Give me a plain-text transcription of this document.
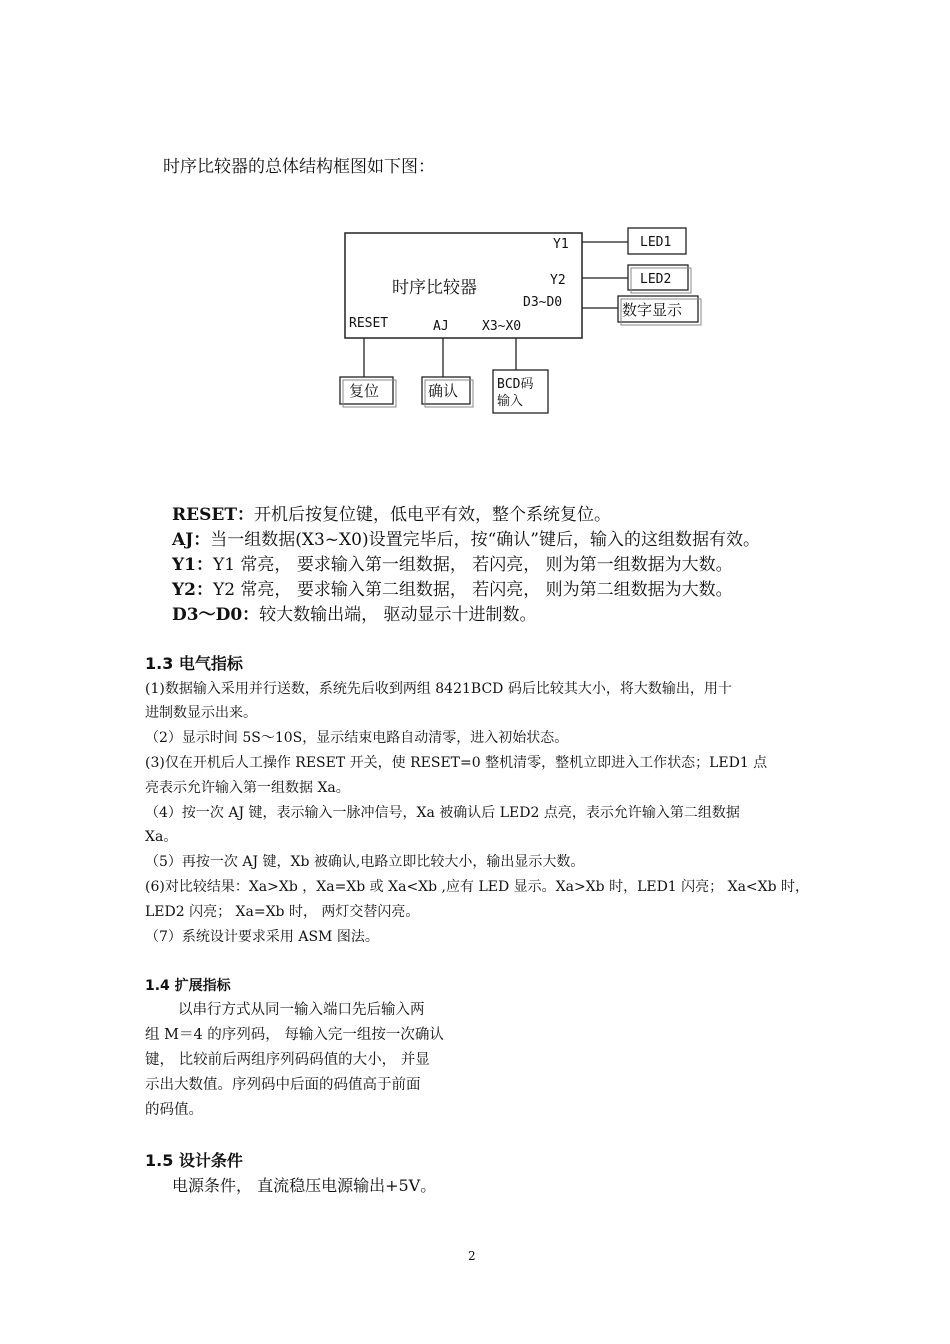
时序比较器的总体结构框图如下图：
时序比较器
Y1
Y2
D3~D0
RESET	AJ	X3~X0
LED1
LED2
数字显示
复位	确认	BCD码
输入
RESET：开机后按复位键，低电平有效，整个系统复位。
AJ：当一组数据(X3~X0)设置完毕后，按“确认”键后，输入的这组数据有效。
Y1：Y1 常亮， 要求输入第一组数据， 若闪亮， 则为第一组数据为大数。
Y2：Y2 常亮， 要求输入第二组数据， 若闪亮， 则为第二组数据为大数。
D3～D0：较大数输出端， 驱动显示十进制数。
1.3 电气指标
(1)数据输入采用并行送数，系统先后收到两组 8421BCD 码后比较其大小，将大数输出，用十
进制数显示出来。
（2）显示时间 5S～10S，显示结束电路自动清零，进入初始状态。
(3)仅在开机后人工操作 RESET 开关，使 RESET=0 整机清零，整机立即进入工作状态；LED1 点
亮表示允许输入第一组数据 Xa。
（4）按一次 AJ 键，表示输入一脉冲信号，Xa 被确认后 LED2 点亮，表示允许输入第二组数据
Xa。
（5）再按一次 AJ 键，Xb 被确认,电路立即比较大小，输出显示大数。
(6)对比较结果：Xa>Xb ，Xa=Xb 或 Xa<Xb ,应有 LED 显示。Xa>Xb 时，LED1 闪亮； Xa<Xb 时，
LED2 闪亮； Xa=Xb 时， 两灯交替闪亮。
（7）系统设计要求采用 ASM 图法。
1.4 扩展指标
以串行方式从同一输入端口先后输入两
组 M＝4 的序列码， 每输入完一组按一次确认
键， 比较前后两组序列码码值的大小， 并显
示出大数值。序列码中后面的码值高于前面
的码值。
1.5 设计条件
电源条件， 直流稳压电源输出+5V。
2
